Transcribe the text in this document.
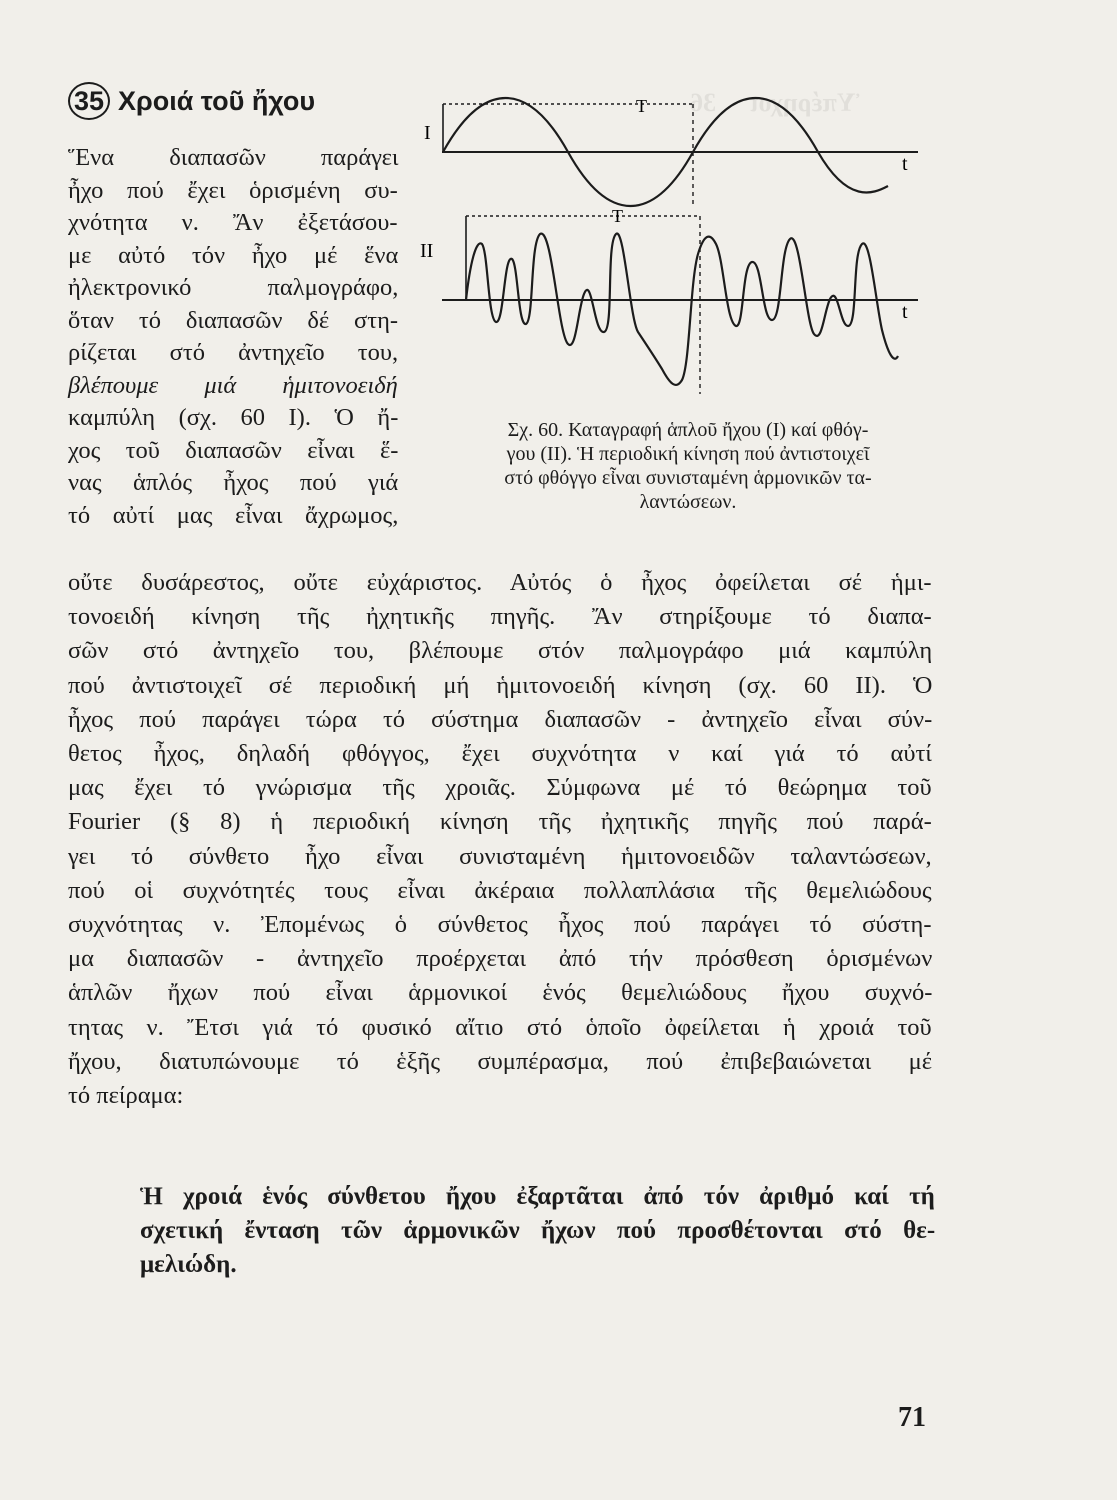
Ὑπέρηχοι 36
35 Χροιά τοῦ ἤχου
Ἕνα διαπασῶν παράγει
ἦχο πού ἔχει ὁρισμένη συ-
χνότητα ν. Ἄν ἐξετάσου-
με αὐτό τόν ἦχο μέ ἕνα
ἠλεκτρονικό παλμογράφο,
ὅταν τό διαπασῶν δέ στη-
ρίζεται στό ἀντηχεῖο του,
βλέπουμε μιά ἡμιτονοειδή
καμπύλη (σχ. 60 I). Ὁ ἤ-
χος τοῦ διαπασῶν εἶναι ἕ-
νας ἁπλός ἦχος πού γιά
τό αὐτί μας εἶναι ἄχρωμος,
I
T
t
II
T
t
Σχ. 60. Καταγραφή ἁπλοῦ ἤχου (I) καί φθόγ-
γου (II). Ἡ περιοδική κίνηση πού ἀντιστοιχεῖ
στό φθόγγο εἶναι συνισταμένη ἁρμονικῶν τα-
λαντώσεων.
οὔτε δυσάρεστος, οὔτε εὐχάριστος. Αὐτός ὁ ἦχος ὀφείλεται σέ ἡμι-
τονοειδή κίνηση τῆς ἠχητικῆς πηγῆς. Ἄν στηρίξουμε τό διαπα-
σῶν στό ἀντηχεῖο του, βλέπουμε στόν παλμογράφο μιά καμπύλη
πού ἀντιστοιχεῖ σέ περιοδική μή ἡμιτονοειδή κίνηση (σχ. 60 II). Ὁ
ἦχος πού παράγει τώρα τό σύστημα διαπασῶν - ἀντηχεῖο εἶναι σύν-
θετος ἦχος, δηλαδή φθόγγος, ἔχει συχνότητα ν καί γιά τό αὐτί
μας ἔχει τό γνώρισμα τῆς χροιᾶς. Σύμφωνα μέ τό θεώρημα τοῦ
Fourier (§ 8) ἡ περιοδική κίνηση τῆς ἠχητικῆς πηγῆς πού παρά-
γει τό σύνθετο ἦχο εἶναι συνισταμένη ἡμιτονοειδῶν ταλαντώσεων,
πού οἱ συχνότητές τους εἶναι ἀκέραια πολλαπλάσια τῆς θεμελιώδους
συχνότητας ν. Ἐπομένως ὁ σύνθετος ἦχος πού παράγει τό σύστη-
μα διαπασῶν - ἀντηχεῖο προέρχεται ἀπό τήν πρόσθεση ὁρισμένων
ἁπλῶν ἤχων πού εἶναι ἁρμονικοί ἑνός θεμελιώδους ἤχου συχνό-
τητας ν. Ἔτσι γιά τό φυσικό αἴτιο στό ὁποῖο ὀφείλεται ἡ χροιά τοῦ
ἤχου, διατυπώνουμε τό ἑξῆς συμπέρασμα, πού ἐπιβεβαιώνεται μέ
τό πείραμα:
Ἡ χροιά ἑνός σύνθετου ἤχου ἐξαρτᾶται ἀπό τόν ἀριθμό καί τή
σχετική ἔνταση τῶν ἁρμονικῶν ἤχων πού προσθέτονται στό θε-
μελιώδη.
71
